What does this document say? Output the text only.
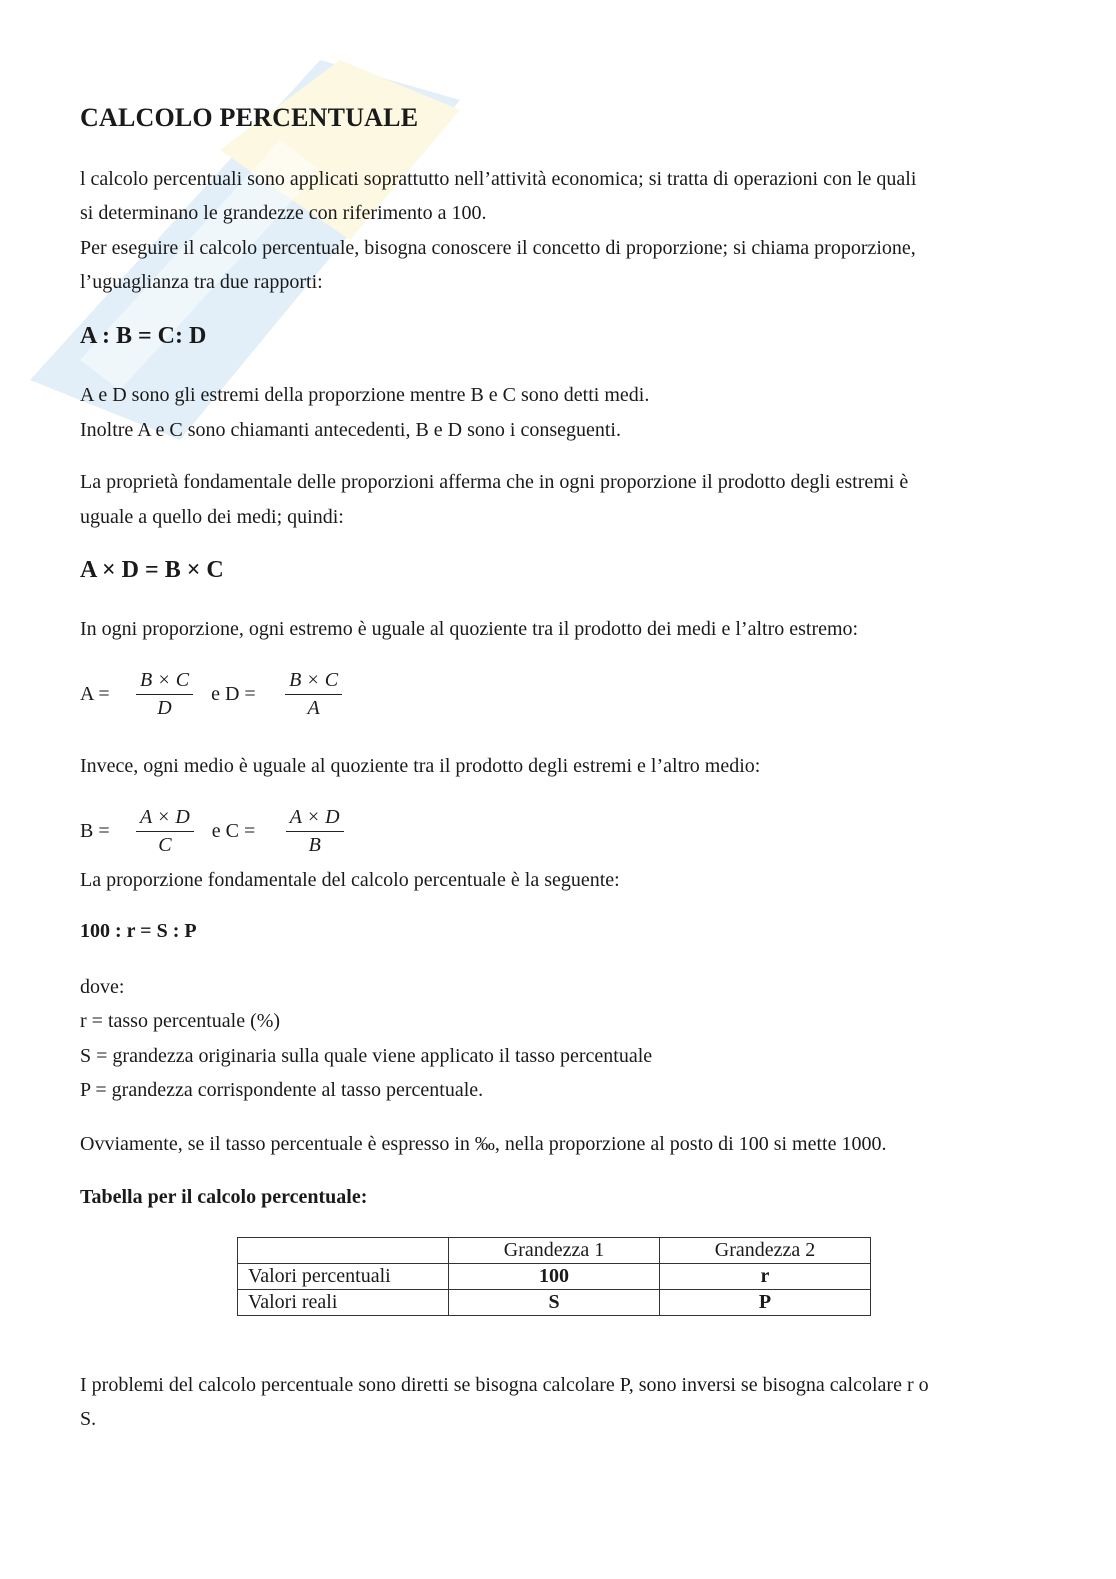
CALCOLO PERCENTUALE
l calcolo percentuali sono applicati soprattutto nell’attività economica; si tratta di operazioni con le quali
si determinano le grandezze con riferimento a 100.
Per eseguire il calcolo percentuale, bisogna conoscere il concetto di proporzione; si chiama proporzione,
l’uguaglianza tra due rapporti:
A : B = C: D
A e D sono gli estremi della proporzione mentre B e C sono detti medi.
Inoltre A e C sono chiamanti antecedenti, B e D sono i conseguenti.
La proprietà fondamentale delle proporzioni afferma che in ogni proporzione il prodotto degli estremi è
uguale a quello dei medi; quindi:
A × D = B × C
In ogni proporzione, ogni estremo è uguale al quoziente tra il prodotto dei medi e l’altro estremo:
A =	$\frac{B \times C}{D}$ e D =	$\frac{B \times C}{A}$
Invece, ogni medio è uguale al quoziente tra il prodotto degli estremi e l’altro medio:
B =	$\frac{A \times D}{C}$ e C =	$\frac{A \times D}{B}$
La proporzione fondamentale del calcolo percentuale è la seguente:
100 : r = S : P
dove:
r = tasso percentuale (%)
S = grandezza originaria sulla quale viene applicato il tasso percentuale
P = grandezza corrispondente al tasso percentuale.
Ovviamente, se il tasso percentuale è espresso in ‰, nella proporzione al posto di 100 si mette 1000.
Tabella per il calcolo percentuale:
	Grandezza 1	Grandezza 2
Valori percentuali	100	r
Valori reali	S	P
I problemi del calcolo percentuale sono diretti se bisogna calcolare P, sono inversi se bisogna calcolare r o
S.
